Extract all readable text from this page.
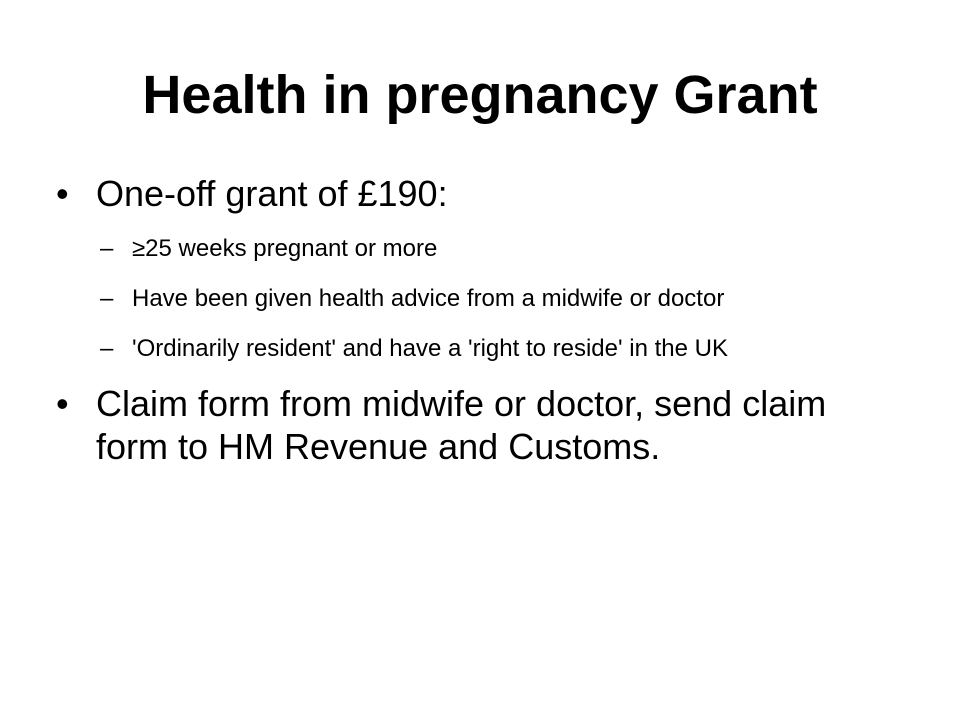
Health in pregnancy Grant
• One-off grant of £190:
– ≥25 weeks pregnant or more
– Have been given health advice from a midwife or doctor
– 'Ordinarily resident' and have a 'right to reside' in the UK
• Claim form from midwife or doctor, send claim form to HM Revenue and Customs.
